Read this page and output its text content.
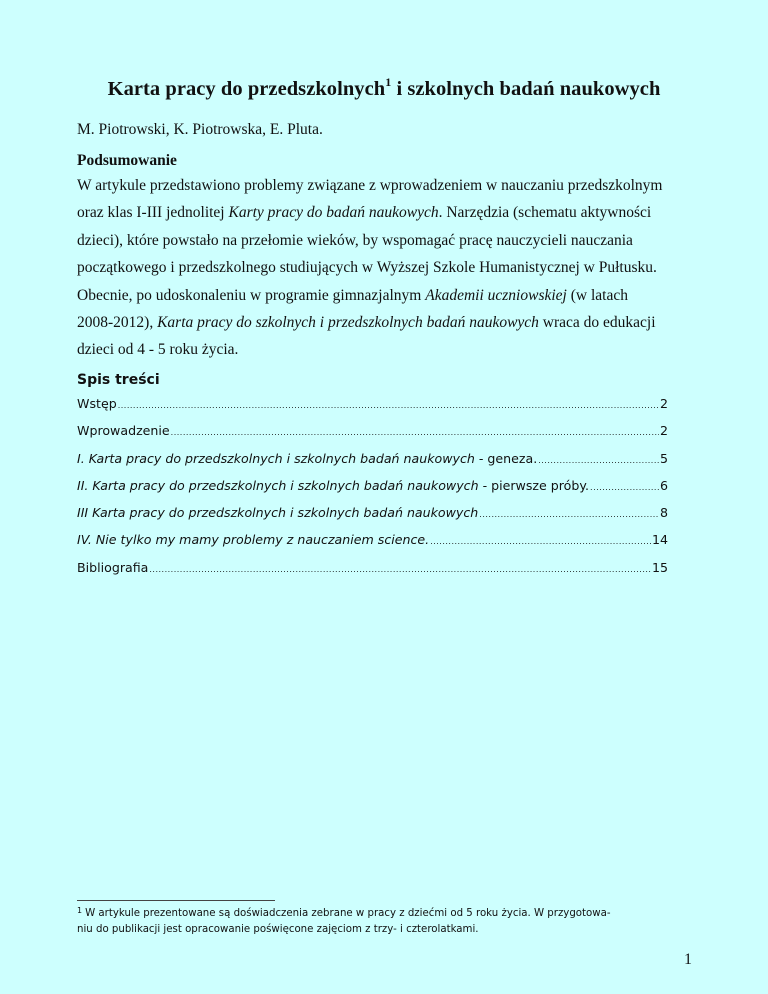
Karta pracy do przedszkolnych$^1$ i szkolnych badań naukowych
M. Piotrowski, K. Piotrowska, E. Pluta.
Podsumowanie
W artykule przedstawiono problemy związane z wprowadzeniem w nauczaniu przedszkolnym
oraz klas I-III jednolitej Karty pracy do badań naukowych. Narzędzia (schematu aktywności
dzieci), które powstało na przełomie wieków, by wspomagać pracę nauczycieli nauczania
początkowego i przedszkolnego studiujących w Wyższej Szkole Humanistycznej w Pułtusku.
Obecnie, po udoskonaleniu w programie gimnazjalnym Akademii uczniowskiej (w latach
2008-2012), Karta pracy do szkolnych i przedszkolnych badań naukowych wraca do edukacji
dzieci od 4 - 5 roku życia.
Spis treści
Wstęp .....	2
Wprowadzenie .....	2
I. Karta pracy do przedszkolnych i szkolnych badań naukowych - geneza. .....	5
II. Karta pracy do przedszkolnych i szkolnych badań naukowych - pierwsze próby. .....	6
III Karta pracy do przedszkolnych i szkolnych badań naukowych .....	8
IV. Nie tylko my mamy problemy z nauczaniem science. .....	14
Bibliografia .....	15
$^1$ W artykule prezentowane są doświadczenia zebrane w pracy z dziećmi od 5 roku życia. W przygotowa-
niu do publikacji jest opracowanie poświęcone zajęciom z trzy- i czterolatkami.
1
